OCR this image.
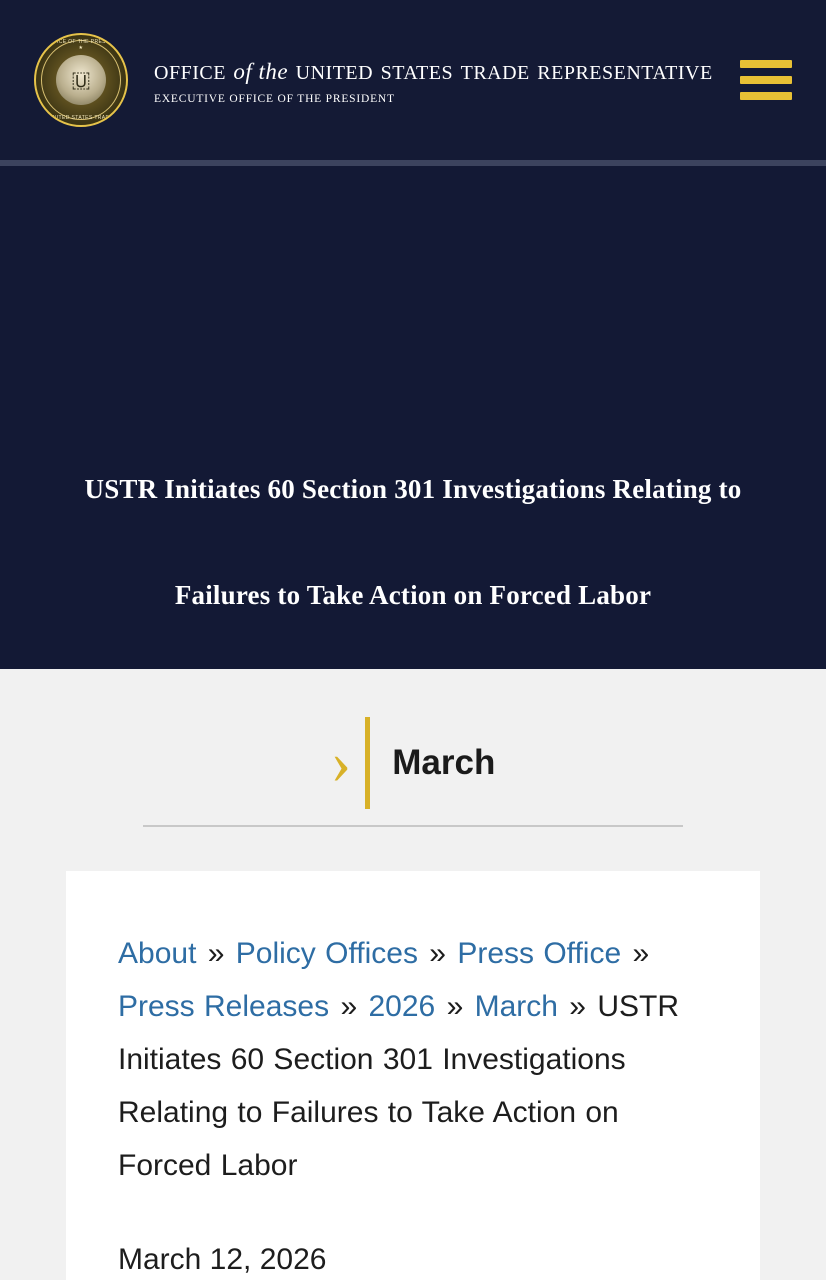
🇺
★ OFFICE OF THE PRESIDENT ★
UNITED STATES TRADE
office of the united states trade representative
EXECUTIVE OFFICE OF THE PRESIDENT
USTR Initiates 60 Section 301 Investigations Relating to Failures to Take Action on Forced Labor
› March
About » Policy Offices » Press Office » Press Releases » 2026 » March » USTR Initiates 60 Section 301 Investigations Relating to Failures to Take Action on Forced Labor
March 12, 2026
